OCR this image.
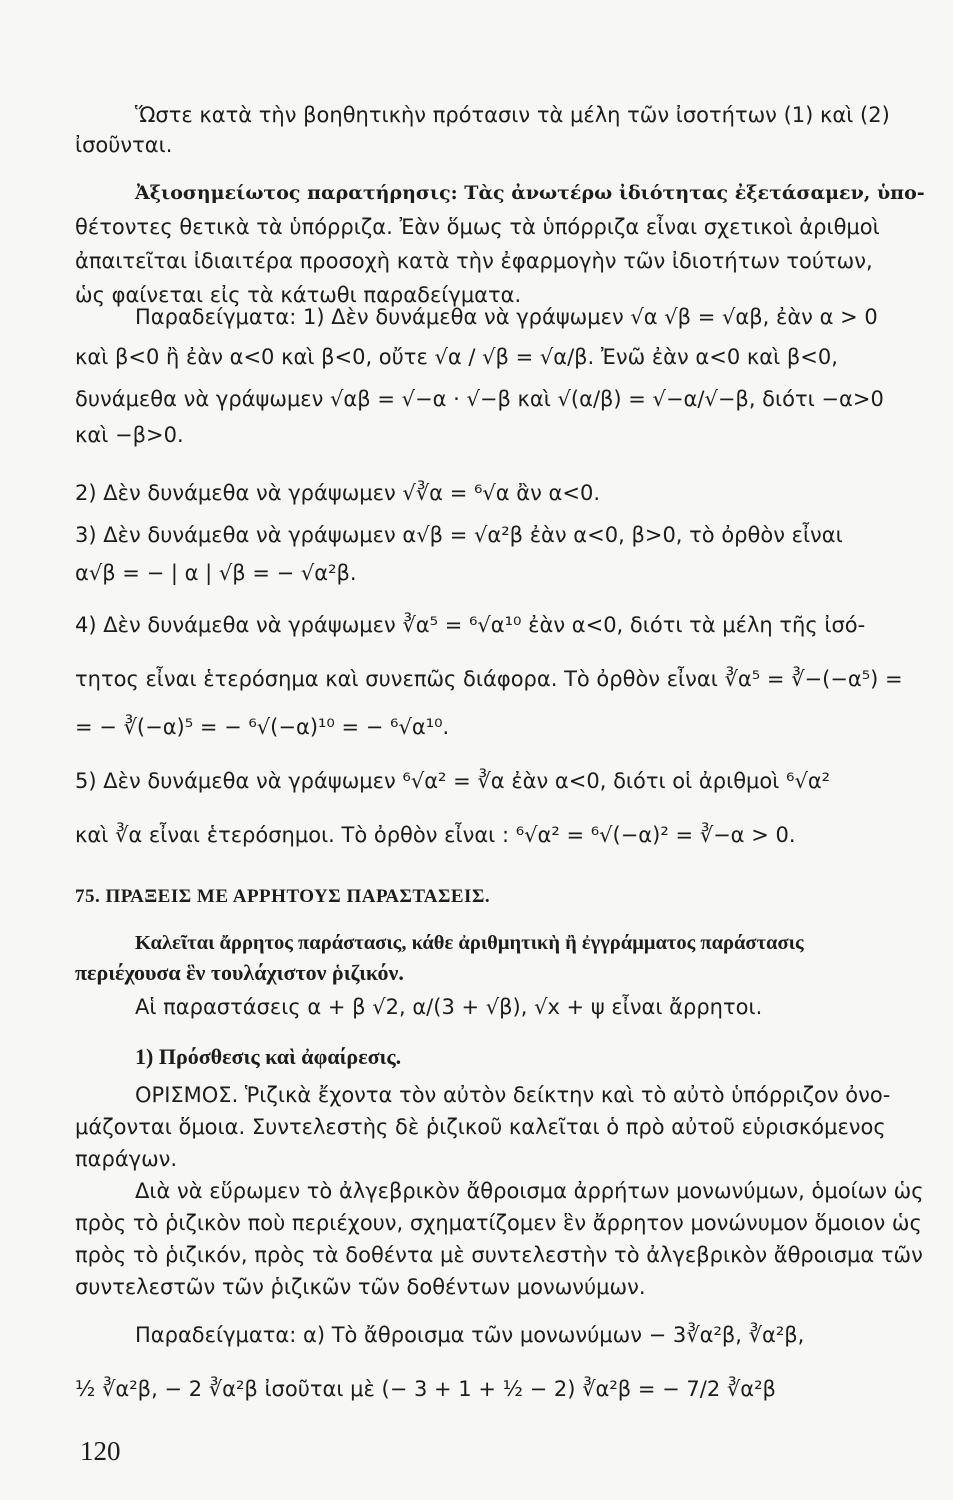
Ὥστε κατὰ τὴν βοηθητικὴν πρότασιν τὰ μέλη τῶν ἰσοτήτων (1) καὶ (2)
ἰσοῦνται.
Ἀξιοσημείωτος παρατήρησις: Τὰς ἀνωτέρω ἰδιότητας ἐξετάσαμεν, ὑπο-
θέτοντες θετικὰ τὰ ὑπόρριζα. Ἐὰν ὅμως τὰ ὑπόρριζα εἶναι σχετικοὶ ἀριθμοὶ
ἀπαιτεῖται ἰδιαιτέρα προσοχὴ κατὰ τὴν ἐφαρμογὴν τῶν ἰδιοτήτων τούτων,
ὡς φαίνεται εἰς τὰ κάτωθι παραδείγματα.
Παραδείγματα: 1) Δὲν δυνάμεθα νὰ γράψωμεν √α √β = √αβ, ἐὰν α > 0
καὶ β<0 ἢ ἐὰν α<0 καὶ β<0, οὔτε √α / √β = √α/β. Ἐνῶ ἐὰν α<0 καὶ β<0,
δυνάμεθα νὰ γράψωμεν √αβ = √−α · √−β καὶ √(α/β) = √−α/√−β, διότι −α>0
καὶ −β>0.
2) Δὲν δυνάμεθα νὰ γράψωμεν √∛α = ⁶√α ἂν α<0.
3) Δὲν δυνάμεθα νὰ γράψωμεν α√β = √α²β ἐὰν α<0, β>0, τὸ ὀρθὸν εἶναι
α√β = − | α | √β = − √α²β.
4) Δὲν δυνάμεθα νὰ γράψωμεν ∛α⁵ = ⁶√α¹⁰ ἐὰν α<0, διότι τὰ μέλη τῆς ἰσό-
τητος εἶναι ἑτερόσημα καὶ συνεπῶς διάφορα. Τὸ ὀρθὸν εἶναι ∛α⁵ = ∛−(−α⁵) =
= − ∛(−α)⁵ = − ⁶√(−α)¹⁰ = − ⁶√α¹⁰.
5) Δὲν δυνάμεθα νὰ γράψωμεν ⁶√α² = ∛α ἐὰν α<0, διότι οἱ ἀριθμοὶ ⁶√α²
καὶ ∛α εἶναι ἑτερόσημοι. Τὸ ὀρθὸν εἶναι : ⁶√α² = ⁶√(−α)² = ∛−α > 0.
75. ΠΡΑΞΕΙΣ ΜΕ ΑΡΡΗΤΟΥΣ ΠΑΡΑΣΤΑΣΕΙΣ.
Καλεῖται ἄρρητος παράστασις, κάθε ἀριθμητικὴ ἢ ἐγγράμματος παράστασις
περιέχουσα ἓν τουλάχιστον ῥιζικόν.
Αἱ παραστάσεις α + β √2, α/(3 + √β), √x + ψ εἶναι ἄρρητοι.
1) Πρόσθεσις καὶ ἀφαίρεσις.
ΟΡΙΣΜΟΣ. Ῥιζικὰ ἔχοντα τὸν αὐτὸν δείκτην καὶ τὸ αὐτὸ ὑπόρριζον ὀνο-
μάζονται ὅμοια. Συντελεστὴς δὲ ῥιζικοῦ καλεῖται ὁ πρὸ αὐτοῦ εὑρισκόμενος
παράγων.
Διὰ νὰ εὕρωμεν τὸ ἀλγεβρικὸν ἄθροισμα ἀρρήτων μονωνύμων, ὁμοίων ὡς
πρὸς τὸ ῥιζικὸν ποὺ περιέχουν, σχηματίζομεν ἓν ἄρρητον μονώνυμον ὅμοιον ὡς
πρὸς τὸ ῥιζικόν, πρὸς τὰ δοθέντα μὲ συντελεστὴν τὸ ἀλγεβρικὸν ἄθροισμα τῶν
συντελεστῶν τῶν ῥιζικῶν τῶν δοθέντων μονωνύμων.
Παραδείγματα: α) Τὸ ἄθροισμα τῶν μονωνύμων − 3∛α²β, ∛α²β,
½ ∛α²β, − 2 ∛α²β ἰσοῦται μὲ (− 3 + 1 + ½ − 2) ∛α²β = − 7/2 ∛α²β
120
